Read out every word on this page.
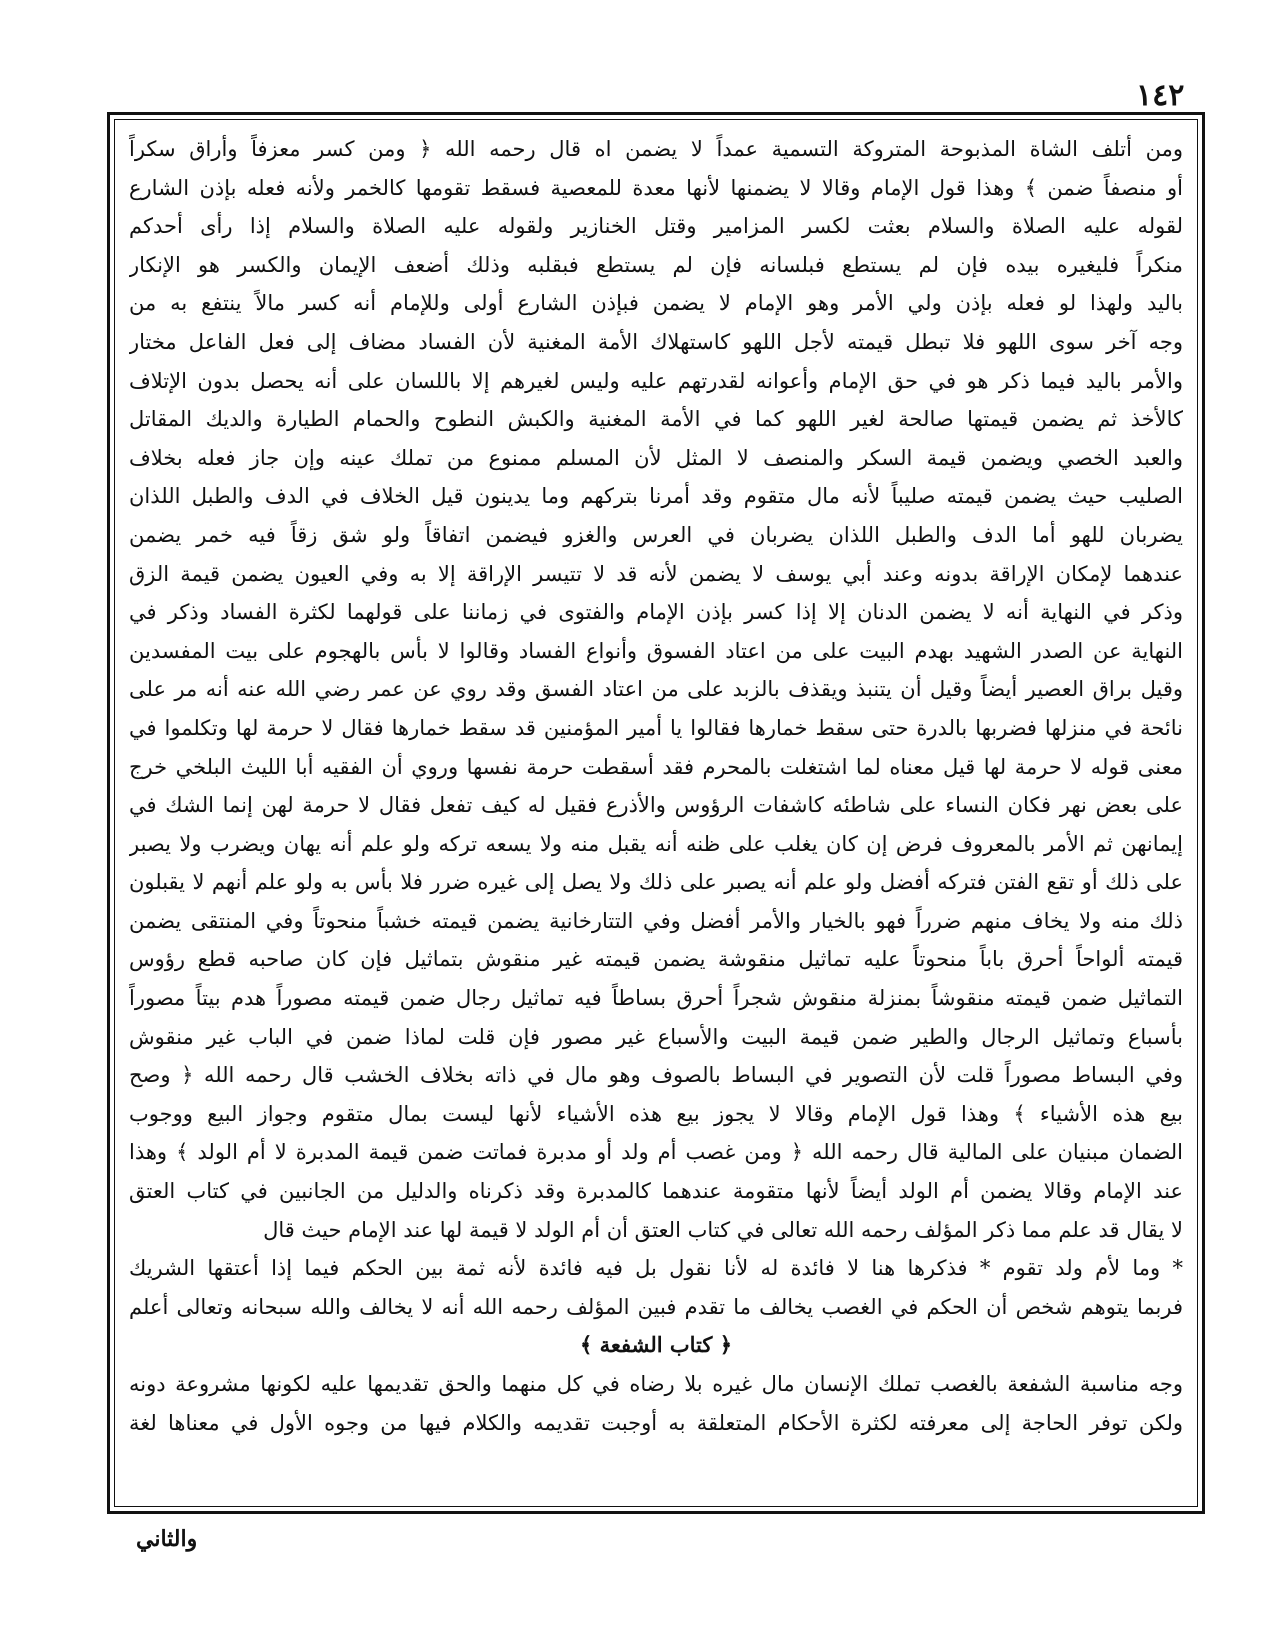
١٤٢
ومن أتلف الشاة المذبوحة المتروكة التسمية عمداً لا يضمن اه قال رحمه الله ﴿ ومن كسر معزفاً وأراق سكراً
أو منصفاً ضمن ﴾ وهذا قول الإمام وقالا لا يضمنها لأنها معدة للمعصية فسقط تقومها كالخمر ولأنه فعله بإذن الشارع
لقوله عليه الصلاة والسلام بعثت لكسر المزامير وقتل الخنازير ولقوله عليه الصلاة والسلام إذا رأى أحدكم
منكراً فليغيره بيده فإن لم يستطع فبلسانه فإن لم يستطع فبقلبه وذلك أضعف الإيمان والكسر هو الإنكار
باليد ولهذا لو فعله بإذن ولي الأمر وهو الإمام لا يضمن فبإذن الشارع أولى وللإمام أنه كسر مالاً ينتفع به من
وجه آخر سوى اللهو فلا تبطل قيمته لأجل اللهو كاستهلاك الأمة المغنية لأن الفساد مضاف إلى فعل الفاعل مختار
والأمر باليد فيما ذكر هو في حق الإمام وأعوانه لقدرتهم عليه وليس لغيرهم إلا باللسان على أنه يحصل بدون الإتلاف
كالأخذ ثم يضمن قيمتها صالحة لغير اللهو كما في الأمة المغنية والكبش النطوح والحمام الطيارة والديك المقاتل
والعبد الخصي ويضمن قيمة السكر والمنصف لا المثل لأن المسلم ممنوع من تملك عينه وإن جاز فعله بخلاف
الصليب حيث يضمن قيمته صليباً لأنه مال متقوم وقد أمرنا بتركهم وما يدينون قيل الخلاف في الدف والطبل اللذان
يضربان للهو أما الدف والطبل اللذان يضربان في العرس والغزو فيضمن اتفاقاً ولو شق زقاً فيه خمر يضمن
عندهما لإمكان الإراقة بدونه وعند أبي يوسف لا يضمن لأنه قد لا تتيسر الإراقة إلا به وفي العيون يضمن قيمة الزق
وذكر في النهاية أنه لا يضمن الدنان إلا إذا كسر بإذن الإمام والفتوى في زماننا على قولهما لكثرة الفساد وذكر في
النهاية عن الصدر الشهيد بهدم البيت على من اعتاد الفسوق وأنواع الفساد وقالوا لا بأس بالهجوم على بيت المفسدين
وقيل براق العصير أيضاً وقيل أن يتنبذ ويقذف بالزبد على من اعتاد الفسق وقد روي عن عمر رضي الله عنه أنه مر على
نائحة في منزلها فضربها بالدرة حتى سقط خمارها فقالوا يا أمير المؤمنين قد سقط خمارها فقال لا حرمة لها وتكلموا في
معنى قوله لا حرمة لها قيل معناه لما اشتغلت بالمحرم فقد أسقطت حرمة نفسها وروي أن الفقيه أبا الليث البلخي خرج
على بعض نهر فكان النساء على شاطئه كاشفات الرؤوس والأذرع فقيل له كيف تفعل فقال لا حرمة لهن إنما الشك في
إيمانهن ثم الأمر بالمعروف فرض إن كان يغلب على ظنه أنه يقبل منه ولا يسعه تركه ولو علم أنه يهان ويضرب ولا يصبر
على ذلك أو تقع الفتن فتركه أفضل ولو علم أنه يصبر على ذلك ولا يصل إلى غيره ضرر فلا بأس به ولو علم أنهم لا يقبلون
ذلك منه ولا يخاف منهم ضرراً فهو بالخيار والأمر أفضل وفي التتارخانية يضمن قيمته خشباً منحوتاً وفي المنتقى يضمن
قيمته ألواحاً أحرق باباً منحوتاً عليه تماثيل منقوشة يضمن قيمته غير منقوش بتماثيل فإن كان صاحبه قطع رؤوس
التماثيل ضمن قيمته منقوشاً بمنزلة منقوش شجراً أحرق بساطاً فيه تماثيل رجال ضمن قيمته مصوراً هدم بيتاً مصوراً
بأسباع وتماثيل الرجال والطير ضمن قيمة البيت والأسباع غير مصور فإن قلت لماذا ضمن في الباب غير منقوش
وفي البساط مصوراً قلت لأن التصوير في البساط بالصوف وهو مال في ذاته بخلاف الخشب قال رحمه الله ﴿ وصح
بيع هذه الأشياء ﴾ وهذا قول الإمام وقالا لا يجوز بيع هذه الأشياء لأنها ليست بمال متقوم وجواز البيع ووجوب
الضمان مبنيان على المالية قال رحمه الله ﴿ ومن غصب أم ولد أو مدبرة فماتت ضمن قيمة المدبرة لا أم الولد ﴾ وهذا
عند الإمام وقالا يضمن أم الولد أيضاً لأنها متقومة عندهما كالمدبرة وقد ذكرناه والدليل من الجانبين في كتاب العتق
لا يقال قد علم مما ذكر المؤلف رحمه الله تعالى في كتاب العتق أن أم الولد لا قيمة لها عند الإمام حيث قال
* وما لأم ولد تقوم * فذكرها هنا لا فائدة له لأنا نقول بل فيه فائدة لأنه ثمة بين الحكم فيما إذا أعتقها الشريك
فربما يتوهم شخص أن الحكم في الغصب يخالف ما تقدم فبين المؤلف رحمه الله أنه لا يخالف والله سبحانه وتعالى أعلم
﴿ كتاب الشفعة ﴾
وجه مناسبة الشفعة بالغصب تملك الإنسان مال غيره بلا رضاه في كل منهما والحق تقديمها عليه لكونها مشروعة دونه
ولكن توفر الحاجة إلى معرفته لكثرة الأحكام المتعلقة به أوجبت تقديمه والكلام فيها من وجوه الأول في معناها لغة
والثاني
